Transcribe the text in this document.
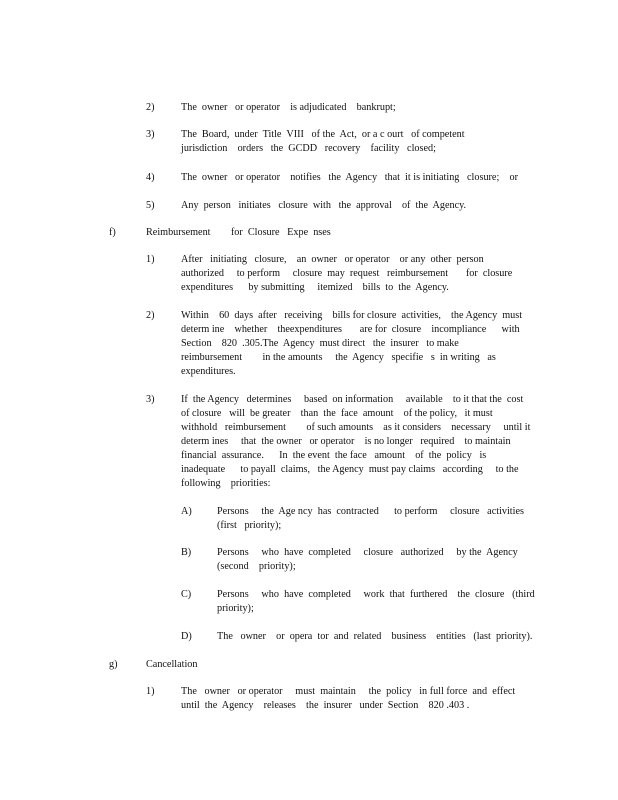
2)	The  owner   or operator    is adjudicated    bankrupt;
3)	The  Board,  under  Title  VIII   of the  Act,  or a c ourt   of competent
jurisdiction    orders   the  GCDD   recovery    facility   closed;
4)	The  owner   or operator    notifies   the  Agency   that  it is initiating   closure;    or
5)	Any  person   initiates   closure  with   the  approval    of  the  Agency.
f)	Reimbursement        for  Closure   Expe  nses
1)	After   initiating   closure,    an  owner   or operator    or any  other  person
authorized     to perform     closure  may  request   reimbursement       for  closure
expenditures      by submitting     itemized    bills  to  the  Agency.
2)	Within    60  days  after   receiving    bills for closure  activities,    the Agency  must
determ ine    whether    theexpenditures       are for  closure    incompliance      with
Section    820  .305.The  Agency  must direct   the  insurer   to make
reimbursement        in the amounts     the  Agency   specifie   s  in writing   as
expenditures.
3)	If  the Agency   determines     based  on information     available    to it that the  cost
of closure   will  be greater    than  the  face  amount    of the policy,   it must
withhold   reimbursement        of such amounts    as it considers    necessary     until it
determ ines     that  the owner   or operator    is no longer   required    to maintain
financial  assurance.      In  the event  the face   amount    of  the  policy   is
inadequate      to payall  claims,   the Agency  must pay claims   according     to the
following    priorities:
A) Persons     the  Age ncy  has  contracted      to perform     closure   activities
(first   priority);
B)	Persons     who  have  completed     closure   authorized     by the  Agency
(second    priority);
C)	Persons     who  have  completed     work  that  furthered    the  closure   (third
priority);
D) The   owner    or  opera  tor  and  related    business    entities   (last  priority).
g)	Cancellation
1)	The   owner   or operator     must  maintain     the  policy   in full force  and  effect
until  the  Agency    releases    the  insurer   under  Section    820 .403 .
